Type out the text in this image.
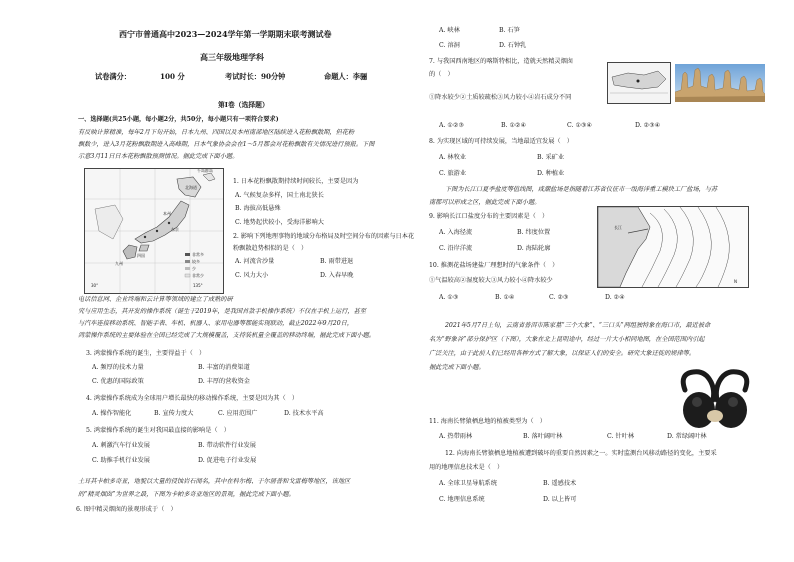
西宁市普通高中2023—2024学年第一学期期末联考测试卷
高三年级地理学科
试卷满分：	100 分	考试时长：90分钟	命题人：李骊
第Ⅰ卷（选择题）
一、选择题(共25小题，每小题2分，共50分，每小题只有一项符合要求)
有反映计算精准，每年2月下旬开始，日本九州、四国以及本州南部地区陆续进入花粉飘散期，但花粉
飘数少，进入3月花粉飘散期进入高峰期，日本气象协会会在1～5月都会对花粉飘散有关情况进行预报。下图
示意3月11日日本花粉飘散预测情况。据此完成下面小题。
北海道
本州
九州
四国
东京
千岛群岛
非常多
较多
少
非常少
30°	135°
1. 日本花粉飘散期持续时间较长，主要是因为
A. 气候复杂多样，国土南北狭长
B. 海拔高低悬殊
C. 地势起伏较小，受海洋影响大
2. 影响下列地理事物的地域分布格局及时空间分布的因素与日本花
粉飘散趋势相似的是（　）
A. 河流含沙量	B. 雨带进退
C. 风力大小	D. 入春早晚
电话信息网、企业终端和云计算等领域的建立了成熟的研
究与应用生态，其开发的操作系统（诞生于2019年，是我国首款手机操作系统）不仅在手机上运行，甚至
与汽车连接移动系统、智能手表、车机、机器人、家用电器等都能实现联动，截止2022年9月20日，
鸿蒙操作系统的主要体验在全国已经完成了大规模覆盖，支持装机量全覆盖的移动终端，据此完成下面小题。
3. 鸿蒙操作系统的诞生，主要得益于（　）
A. 频厚的技术力量	B. 丰富的消费渠道
C. 优惠的国际政策	D. 丰厚的营收资金
4. 鸿蒙操作系统成为全球用户增长最快的移动操作系统，主要是因为其（　）
A. 操作智能化	B. 宣传力度大	C. 应用范围广	D. 技术水平高
5. 鸿蒙操作系统的诞生对我国最直接的影响是（　）
A. 刺激汽车行业发展	B. 带动软件行业发展
C. 助推手机行业发展	D. 促进电子行业发展
土耳其卡帕多奇亚，地貌以大量的侵蚀岩石闻名，其中在科尔梅、于尔居普和戈雷梅等地区，该地区
的“精灵烟囱”为世界之最，下图为卡帕多奇亚地区的景观，据此完成下面小题。
6. 图中精灵烟囱的景观形成于（　）
A. 峡林	B. 石笋
C. 溶洞	D. 石钟乳
7. 与我国西南地区的喀斯特相比，造就天然精灵烟囱
的（　）
①降水较少②土质较疏松③风力较小④岩石成分不同
A. ①②③	B. ①②④	C. ①③④	D. ②③④
8. 为实现区域的可持续发展，当地最适宜发展（　）
A. 林牧业	B. 采矿业
C. 旅游业	D. 种植业
下图为长江口夏季盐度等值线图，咸潮盐场是指随着江苏省仪征市一级海洋重工模块工厂盐场，与苏
南都可以形成之区，据此完成下面小题。
9. 影响长江口盐度分布的主要因素是（　）
A. 入海径流	B. 纬度位置
C. 沿岸洋流	D. 海陆轮廓
长江
N
10. 推测花盐场建盐厂理想时的气象条件（　）
①气温较高②湿度较大③风力较小④降水较少
A. ①③	B. ①④	C. ②③	D. ②④
2021年5月7日上旬，云南省普洱市陈家墓“三个大象”、“三口头”两组独特象在海口市，最近被命
名为“野象谷”部分保护区（下图），大象在北上昆明途中，经过一片大小相同地图，在全国范围内引起
广泛关注，由于此前人们已经用各种方式了解大象，以保证人们的安全。研究大象迁徙的规律等。
据此完成下面小题。
11. 海南长臂猿栖息地的植被类型为（　）
A. 热带雨林	B. 落叶阔叶林	C. 针叶林	D. 常绿阔叶林
12. 向海南长臂猿栖息地植被遭到破坏的重要自然因素之一。实时监测台风移动路径的变化，主要采
用的地理信息技术是（　）
A. 全球卫星导航系统	B. 遥感技术
C. 地理信息系统	D. 以上皆可
